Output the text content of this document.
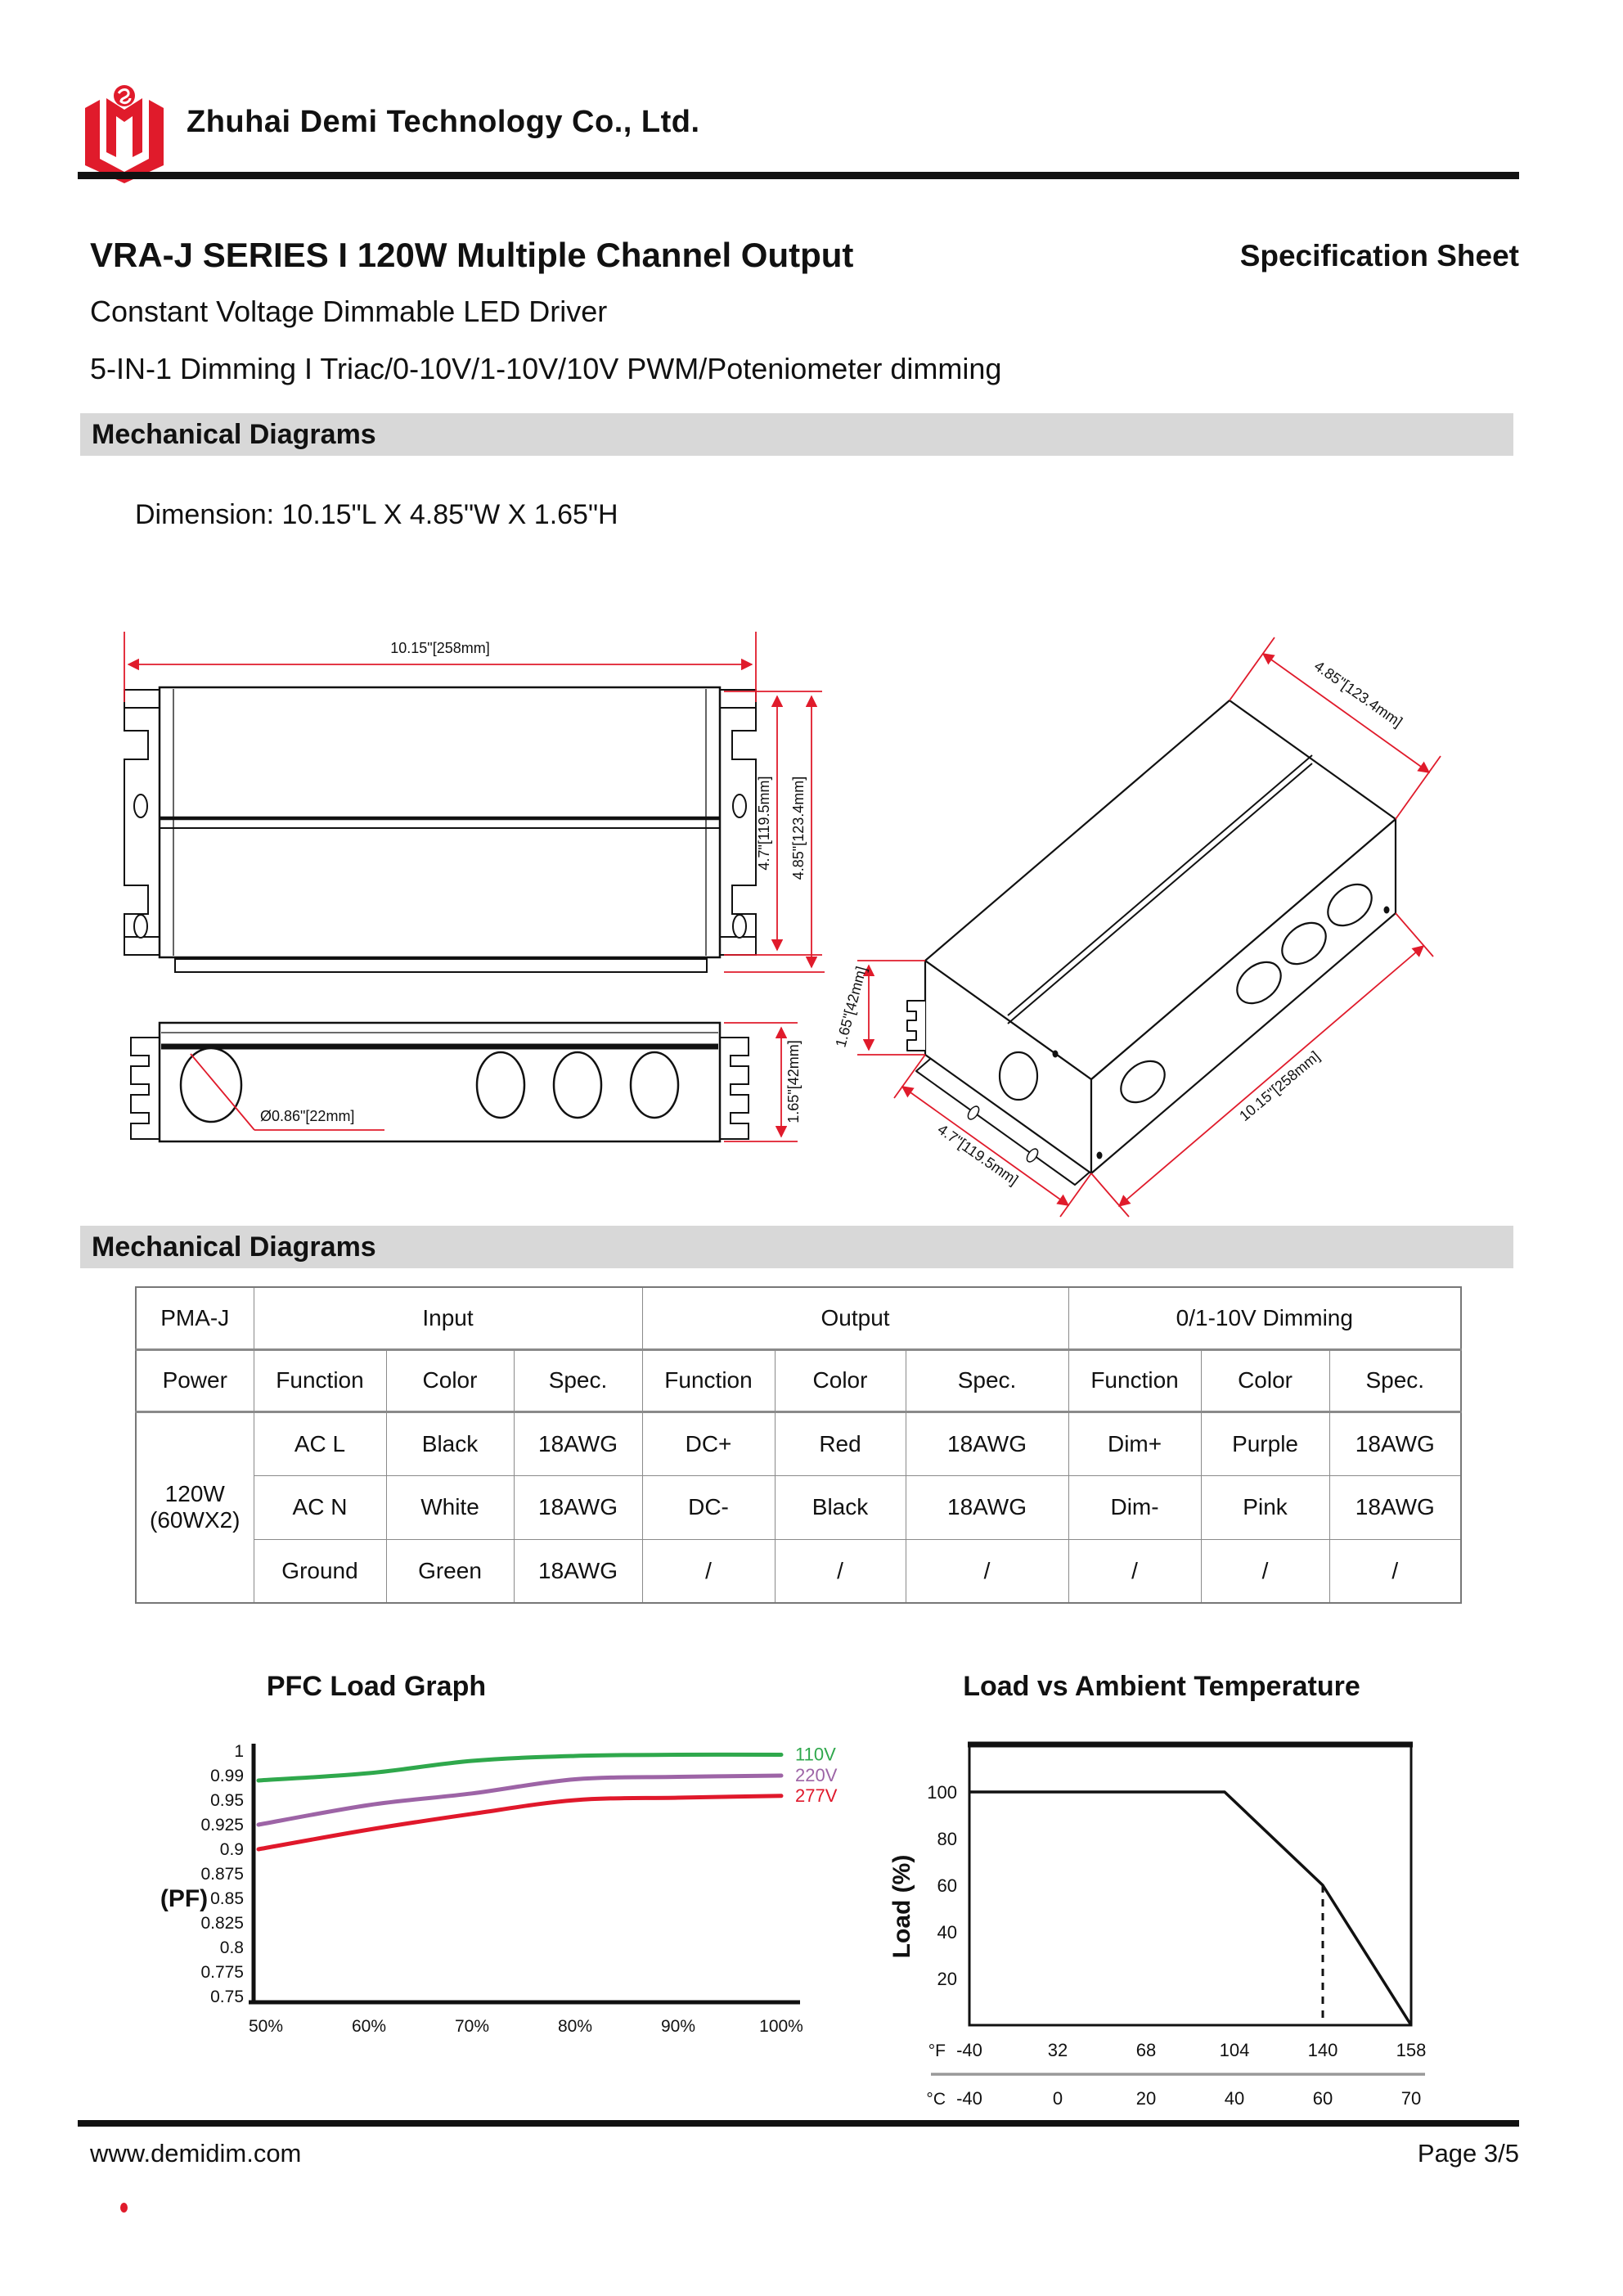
Zhuhai Demi Technology Co., Ltd.
VRA-J SERIES I 120W Multiple Channel Output	Specification Sheet
Constant Voltage Dimmable LED Driver
5-IN-1 Dimming I Triac/0-10V/1-10V/10V PWM/Poteniometer dimming
Mechanical Diagrams
Dimension: 10.15"L X 4.85"W X 1.65"H
10.15"[258mm]
4.7"[119.5mm] 4.85"[123.4mm]
Ø0.86"[22mm]	1.65"[42mm]	10.15"[258mm]
4.85"[123.4mm]
4.7"[119.5mm]
1.65"[42mm]
Mechanical Diagrams
PMA-J	Input			Output			0/1-10V Dimming		
Power	Function	Color	Spec.	Function	Color	Spec.	Function	Color	Spec.
120W
(60WX2)	AC L	Black	18AWG	DC+	Red	18AWG	Dim+	Purple	18AWG
	AC N	White	18AWG	DC-	Black	18AWG	Dim-	Pink	18AWG
	Ground	Green	18AWG	/	/	/	/	/	/
PFC Load Graph	Load vs Ambient Temperature
1
0.99
0.95
0.925
0.9
0.875
0.85
0.825
0.8
0.775
0.75
50%	60%	70%	80%	90%	100%
(PF)
110V
220V
277V	100
80
60
40
20
Load (%)
°F -40	32	68	104	140	158
°C -40	0	20	40	60	70
www.demidim.com	Page 3/5
